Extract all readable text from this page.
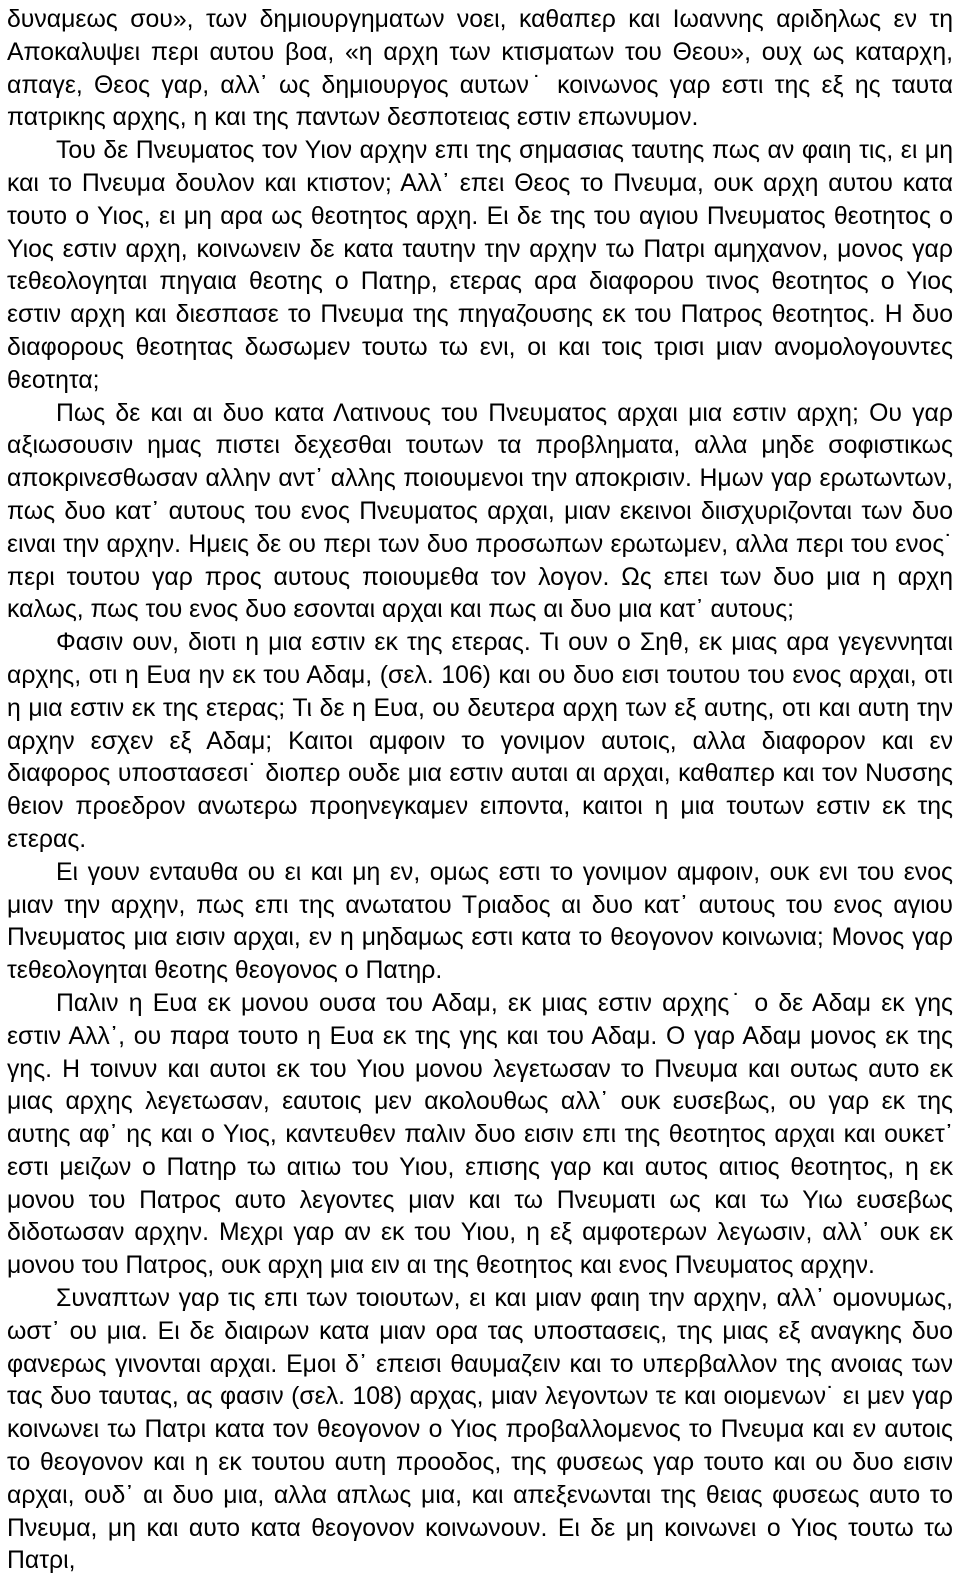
δυναμεως σου», των δημιουργηματων νοει, καθαπερ και Ιωαννης αριδηλως εν τη Αποκαλυψει περι αυτου βοα, «η αρχη των κτισματων του Θεου», ουχ ως καταρχη, απαγε, Θεος γαρ, αλλ᾿ ως δημιουργος αυτων˙ κοινωνος γαρ εστι της εξ ης ταυτα πατρικης αρχης, η και της παντων δεσποτειας εστιν επωνυμον.

Του δε Πνευματος τον Υιον αρχην επι της σημασιας ταυτης πως αν φαιη τις, ει μη και το Πνευμα δουλον και κτιστον; Αλλ᾿ επει Θεος το Πνευμα, ουκ αρχη αυτου κατα τουτο ο Υιος, ει μη αρα ως θεοτητος αρχη. Ει δε της του αγιου Πνευματος θεοτητος ο Υιος εστιν αρχη, κοινωνειν δε κατα ταυτην την αρχην τω Πατρι αμηχανον, μονος γαρ τεθεολογηται πηγαια θεοτης ο Πατηρ, ετερας αρα διαφορου τινος θεοτητος ο Υιος εστιν αρχη και διεσπασε το Πνευμα της πηγαζουσης εκ του Πατρος θεοτητος. Η δυο διαφορους θεοτητας δωσωμεν τουτω τω ενι, οι και τοις τρισι μιαν ανομολογουντες θεοτητα;

Πως δε και αι δυο κατα Λατινους του Πνευματος αρχαι μια εστιν αρχη; Ου γαρ αξιωσουσιν ημας πιστει δεχεσθαι τουτων τα προβληματα, αλλα μηδε σοφιστικως αποκρινεσθωσαν αλλην αντ᾿ αλλης ποιουμενοι την αποκρισιν. Ημων γαρ ερωτωντων, πως δυο κατ᾿ αυτους του ενος Πνευματος αρχαι, μιαν εκεινοι διισχυριζονται των δυο ειναι την αρχην. Ημεις δε ου περι των δυο προσωπων ερωτωμεν, αλλα περι του ενος˙ περι τουτου γαρ προς αυτους ποιουμεθα τον λογον. Ως επει των δυο μια η αρχη καλως, πως του ενος δυο εσονται αρχαι και πως αι δυο μια κατ᾿ αυτους;

Φασιν ουν, διοτι η μια εστιν εκ της ετερας. Τι ουν ο Σηθ, εκ μιας αρα γεγεννηται αρχης, οτι η Ευα ην εκ του Αδαμ, (σελ. 106) και ου δυο εισι τουτου του ενος αρχαι, οτι η μια εστιν εκ της ετερας; Τι δε η Ευα, ου δευτερα αρχη των εξ αυτης, οτι και αυτη την αρχην εσχεν εξ Αδαμ; Καιτοι αμφοιν το γονιμον αυτοις, αλλα διαφορον και εν διαφορος υποστασεσι˙ διοπερ ουδε μια εστιν αυται αι αρχαι, καθαπερ και τον Νυσσης θειον προεδρον ανωτερω προηνεγκαμεν ειποντα, καιτοι η μια τουτων εστιν εκ της ετερας.

Ει γουν ενταυθα ου ει και μη εν, ομως εστι το γονιμον αμφοιν, ουκ ενι του ενος μιαν την αρχην, πως επι της ανωτατου Τριαδος αι δυο κατ᾿ αυτους του ενος αγιου Πνευματος μια εισιν αρχαι, εν η μηδαμως εστι κατα το θεογονον κοινωνια; Μονος γαρ τεθεολογηται θεοτης θεογονος ο Πατηρ.

Παλιν η Ευα εκ μονου ουσα του Αδαμ, εκ μιας εστιν αρχης˙ ο δε Αδαμ εκ γης εστιν Αλλ᾿, ου παρα τουτο η Ευα εκ της γης και του Αδαμ. Ο γαρ Αδαμ μονος εκ της γης. Η τοινυν και αυτοι εκ του Υιου μονου λεγετωσαν το Πνευμα και ουτως αυτο εκ μιας αρχης λεγετωσαν, εαυτοις μεν ακολουθως αλλ᾿ ουκ ευσεβως, ου γαρ εκ της αυτης αφ᾿ ης και ο Υιος, καντευθεν παλιν δυο εισιν επι της θεοτητος αρχαι και ουκετ᾿ εστι μειζων ο Πατηρ τω αιτιω του Υιου, επισης γαρ και αυτος αιτιος θεοτητος, η εκ μονου του Πατρος αυτο λεγοντες μιαν και τω Πνευματι ως και τω Υιω ευσεβως διδοτωσαν αρχην. Μεχρι γαρ αν εκ του Υιου, η εξ αμφοτερων λεγωσιν, αλλ᾿ ουκ εκ μονου του Πατρος, ουκ αρχη μια ειν αι της θεοτητος και ενος Πνευματος αρχην.

Συναπτων γαρ τις επι των τοιουτων, ει και μιαν φαιη την αρχην, αλλ᾿ ομονυμως, ωστ᾿ ου μια. Ει δε διαιρων κατα μιαν ορα τας υποστασεις, της μιας εξ αναγκης δυο φανερως γινονται αρχαι. Εμοι δ᾿ επεισι θαυμαζειν και το υπερβαλλον της ανοιας των τας δυο ταυτας, ας φασιν (σελ. 108) αρχας, μιαν λεγοντων τε και οιομενων˙ ει μεν γαρ κοινωνει τω Πατρι κατα τον θεογονον ο Υιος προβαλλομενος το Πνευμα και εν αυτοις το θεογονον και η εκ τουτου αυτη προοδος, της φυσεως γαρ τουτο και ου δυο εισιν αρχαι, ουδ᾿ αι δυο μια, αλλα απλως μια, και απεξενωνται της θειας φυσεως αυτο το Πνευμα, μη και αυτο κατα θεογονον κοινωνουν. Ει δε μη κοινωνει ο Υιος τουτω τω Πατρι,
